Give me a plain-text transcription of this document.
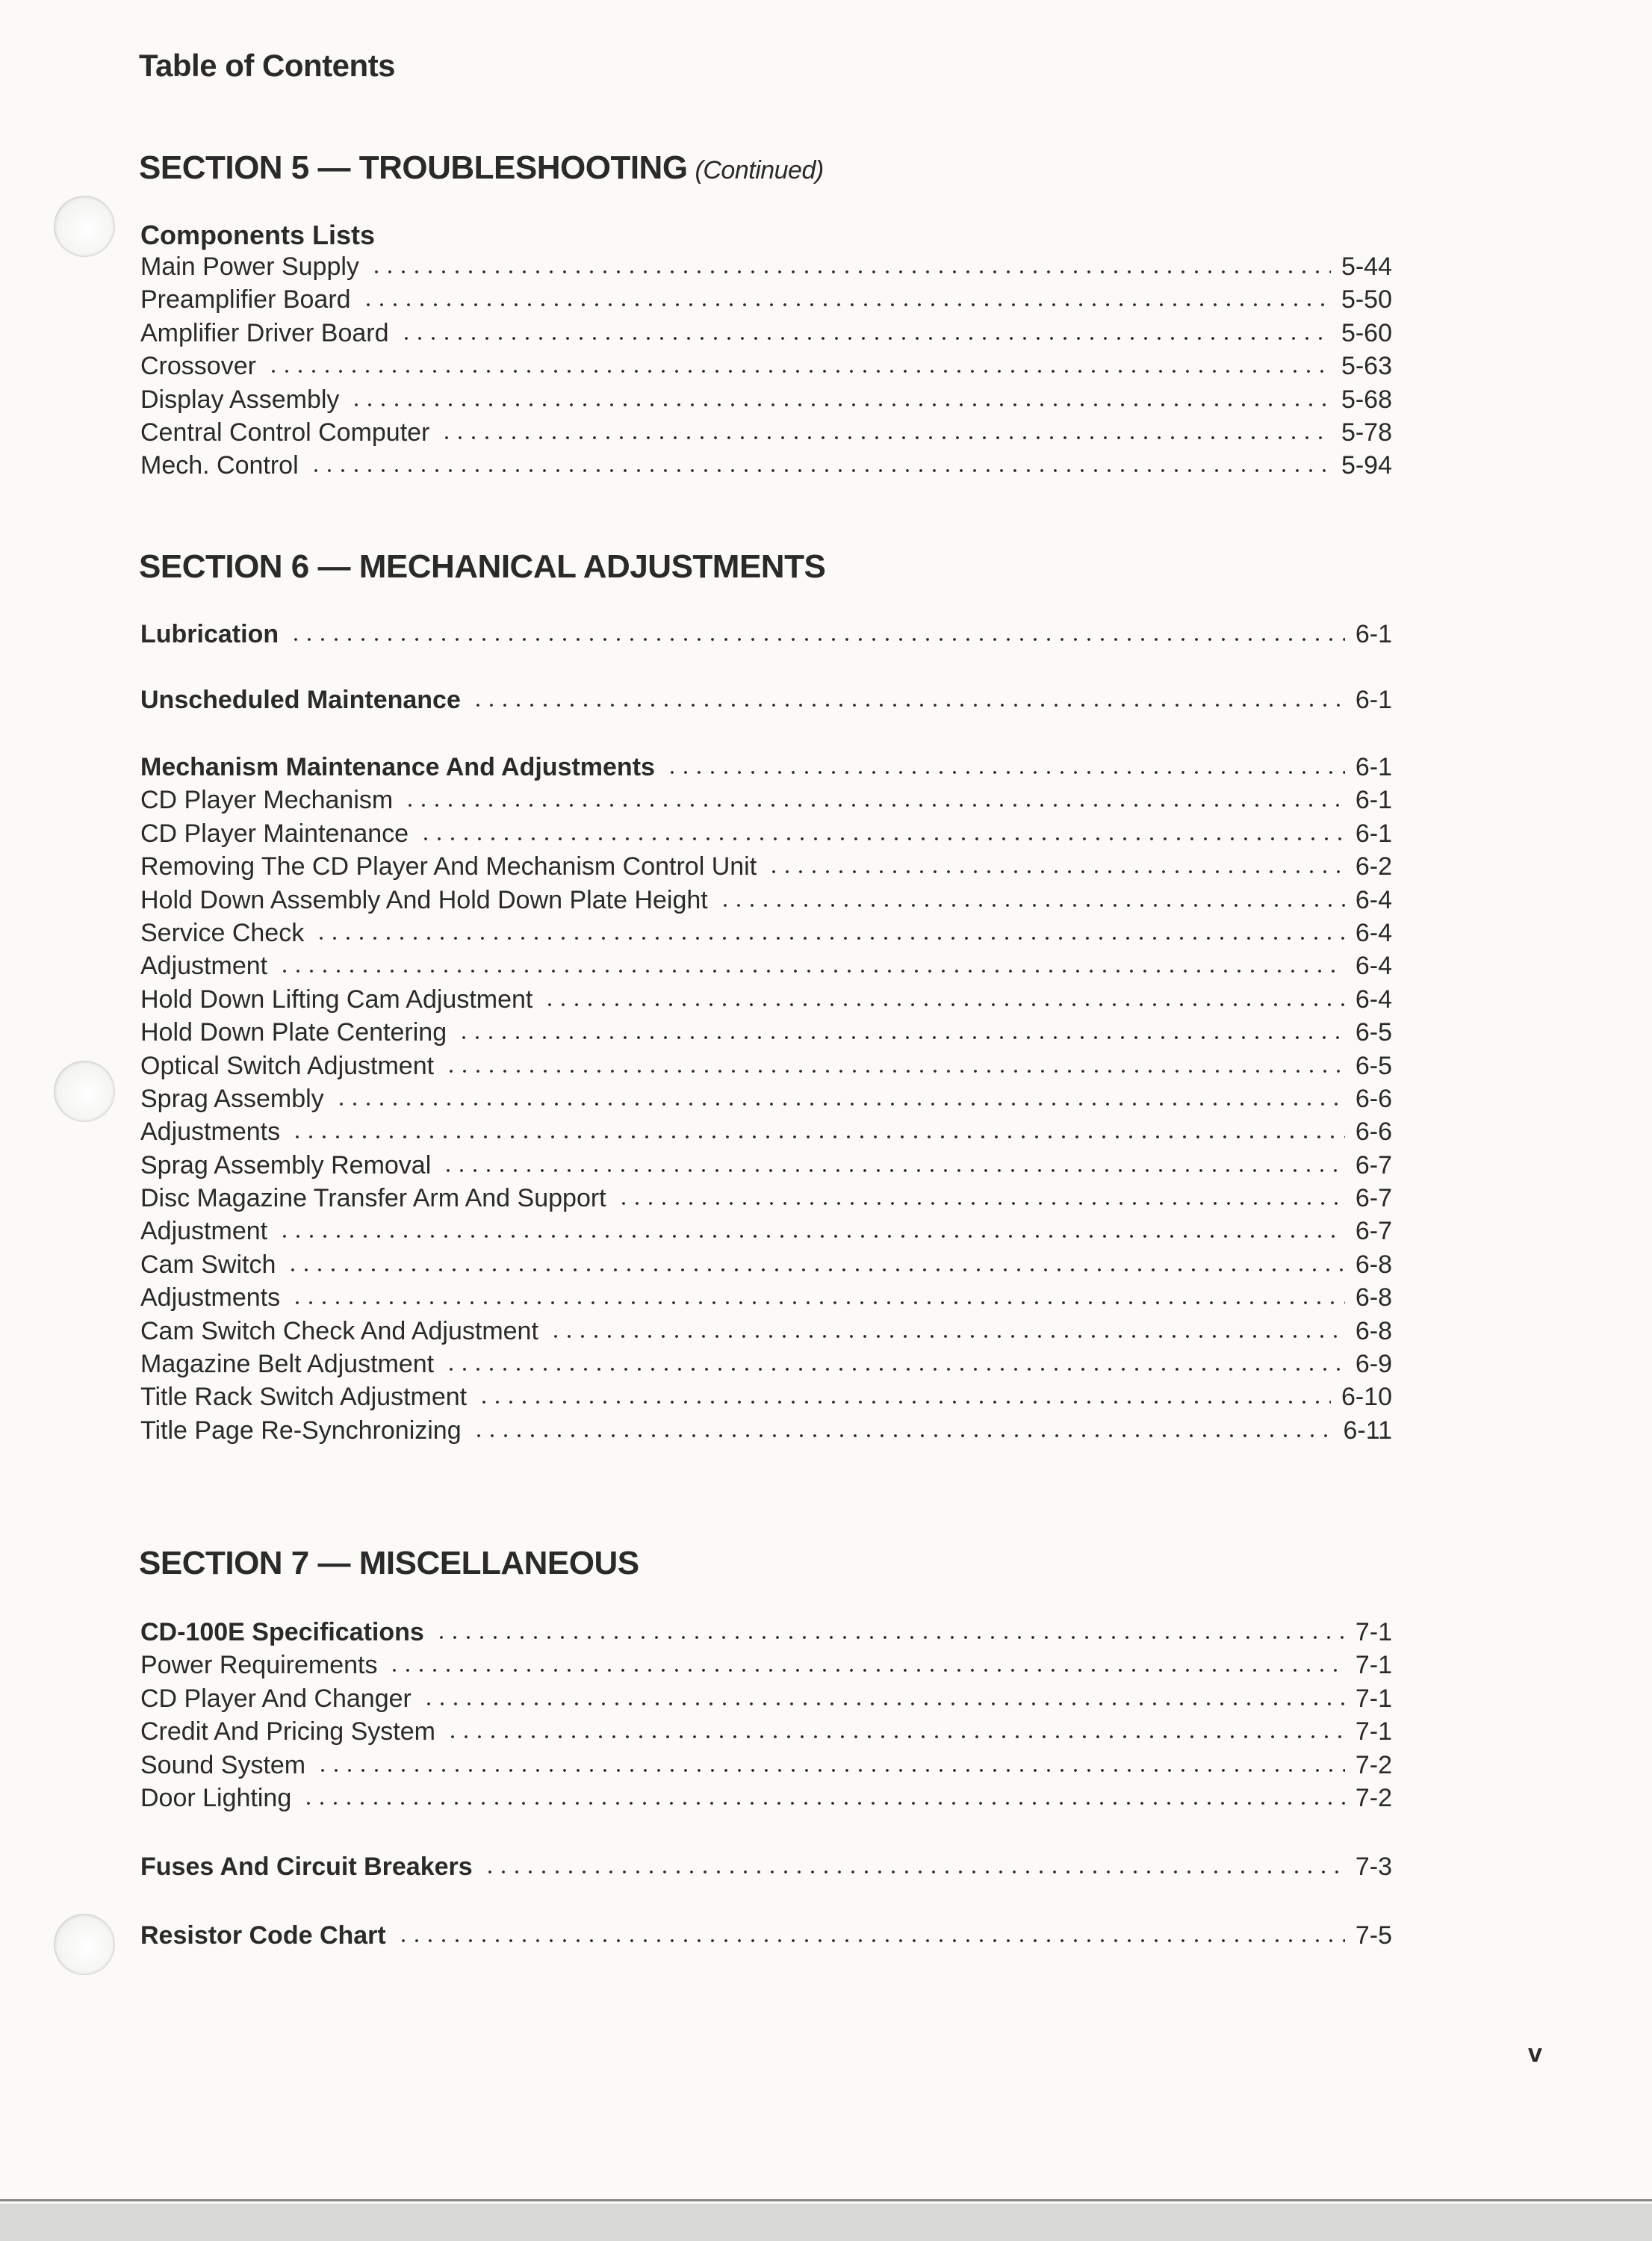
Table of Contents
SECTION 5 — TROUBLESHOOTING (Continued)
Components Lists
Main Power Supply	5-44
Preamplifier Board	5-50
Amplifier Driver Board	5-60
Crossover	5-63
Display Assembly	5-68
Central Control Computer	5-78
Mech. Control	5-94
SECTION 6 — MECHANICAL ADJUSTMENTS
Lubrication	6-1
Unscheduled Maintenance	6-1
Mechanism Maintenance And Adjustments	6-1
CD Player Mechanism	6-1
CD Player Maintenance	6-1
Removing The CD Player And Mechanism Control Unit	6-2
Hold Down Assembly And Hold Down Plate Height	6-4
Service Check	6-4
Adjustment	6-4
Hold Down Lifting Cam Adjustment	6-4
Hold Down Plate Centering	6-5
Optical Switch Adjustment	6-5
Sprag Assembly	6-6
Adjustments	6-6
Sprag Assembly Removal	6-7
Disc Magazine Transfer Arm And Support	6-7
Adjustment	6-7
Cam Switch	6-8
Adjustments	6-8
Cam Switch Check And Adjustment	6-8
Magazine Belt Adjustment	6-9
Title Rack Switch Adjustment	6-10
Title Page Re-Synchronizing	6-11
SECTION 7 — MISCELLANEOUS
CD-100E Specifications	7-1
Power Requirements	7-1
CD Player And Changer	7-1
Credit And Pricing System	7-1
Sound System	7-2
Door Lighting	7-2
Fuses And Circuit Breakers	7-3
Resistor Code Chart	7-5
v
